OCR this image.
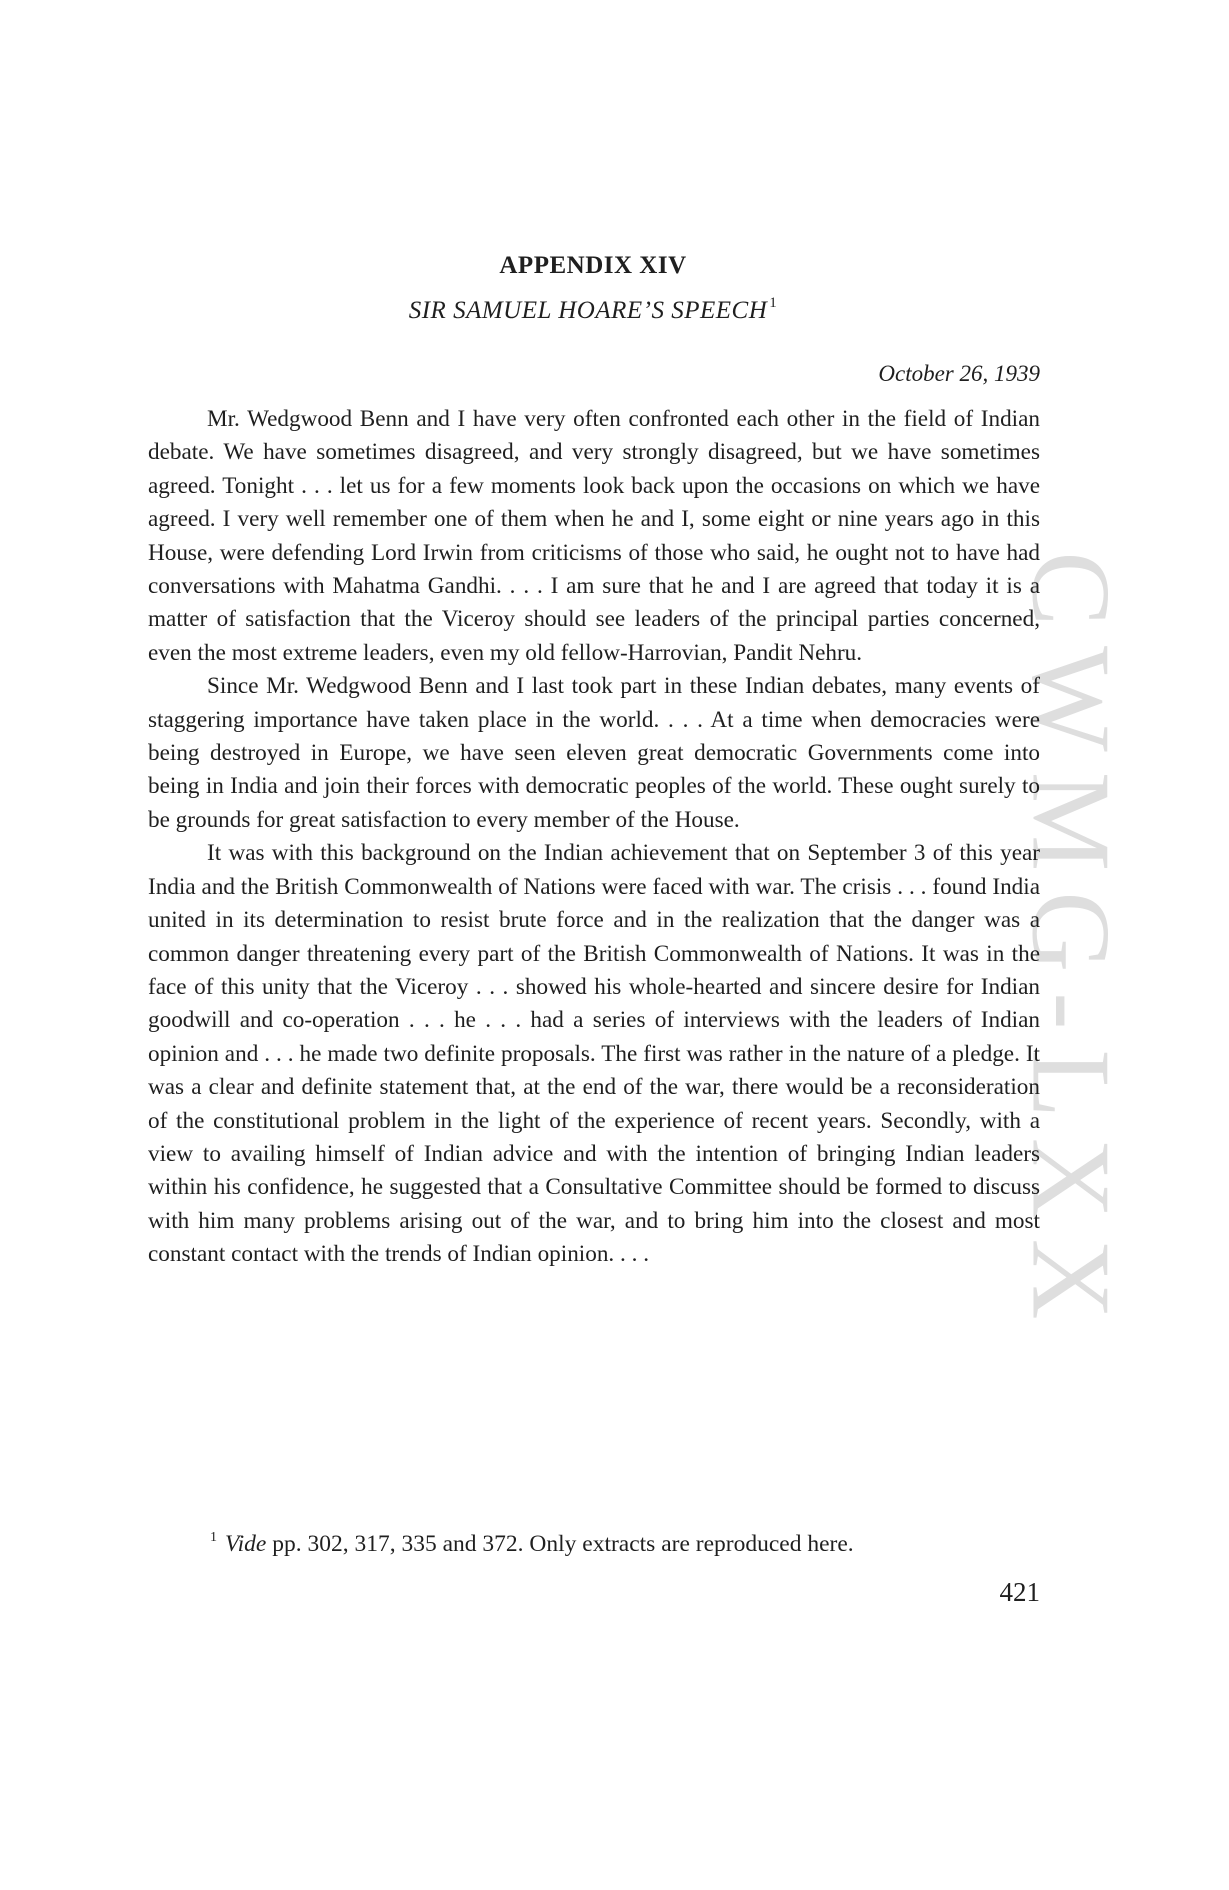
CWMG-LXX
APPENDIX XIV
SIR SAMUEL HOARE’S SPEECH $^1$
October 26, 1939

Mr. Wedgwood Benn and I have very often confronted each other in the field of Indian debate. We have sometimes disagreed, and very strongly disagreed, but we have sometimes agreed. Tonight . . . let us for a few moments look back upon the occasions on which we have agreed. I very well remember one of them when he and I, some eight or nine years ago in this House, were defending Lord Irwin from criticisms of those who said, he ought not to have had conversations with Mahatma Gandhi. . . . I am sure that he and I are agreed that today it is a matter of satisfaction that the Viceroy should see leaders of the principal parties concerned, even the most extreme leaders, even my old fellow-Harrovian, Pandit Nehru.

Since Mr. Wedgwood Benn and I last took part in these Indian debates, many events of staggering importance have taken place in the world. . . . At a time when democracies were being destroyed in Europe, we have seen eleven great democratic Governments come into being in India and join their forces with democratic peoples of the world. These ought surely to be grounds for great satisfaction to every member of the House.

It was with this background on the Indian achievement that on September 3 of this year India and the British Commonwealth of Nations were faced with war. The crisis . . . found India united in its determination to resist brute force and in the realization that the danger was a common danger threatening every part of the British Commonwealth of Nations. It was in the face of this unity that the Viceroy . . . showed his whole-hearted and sincere desire for Indian goodwill and co-operation . . . he . . . had a series of interviews with the leaders of Indian opinion and . . . he made two definite proposals. The first was rather in the nature of a pledge. It was a clear and definite statement that, at the end of the war, there would be a reconsideration of the constitutional problem in the light of the experience of recent years. Secondly, with a view to availing himself of Indian advice and with the intention of bringing Indian leaders within his confidence, he suggested that a Consultative Committee should be formed to discuss with him many problems arising out of the war, and to bring him into the closest and most constant contact with the trends of Indian opinion. . . .

$^1$ Vide pp. 302, 317, 335 and 372. Only extracts are reproduced here.
421
